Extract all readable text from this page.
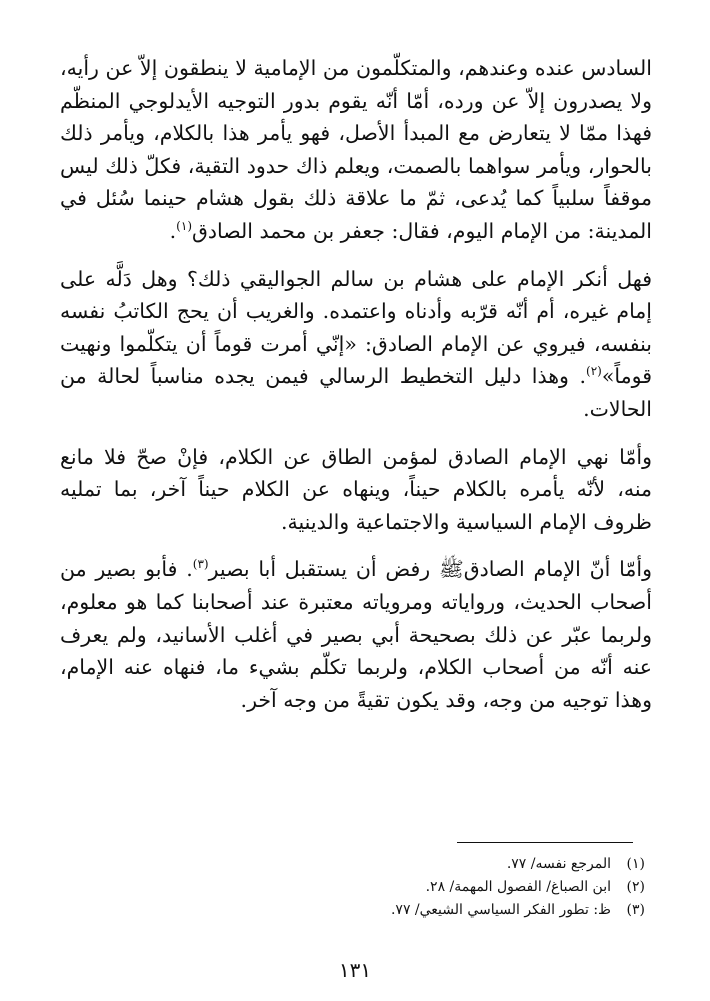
السادس عنده وعندهم، والمتكلّمون من الإمامية لا ينطقون إلاّ عن رأيه، ولا يصدرون إلاّ عن ورده، أمّا أنّه يقوم بدور التوجيه الأيدلوجي المنظّم فهذا ممّا لا يتعارض مع المبدأ الأصل، فهو يأمر هذا بالكلام، ويأمر ذلك بالحوار، ويأمر سواهما بالصمت، ويعلم ذاك حدود التقية، فكلّ ذلك ليس موقفاً سلبياً كما يُدعى، ثمّ ما علاقة ذلك بقول هشام حينما سُئل في المدينة: من الإمام اليوم، فقال: جعفر بن محمد الصادق$^{(١)}$.

فهل أنكر الإمام على هشام بن سالم الجواليقي ذلك؟ وهل دَلَّه على إمام غيره، أم أنّه قرّبه وأدناه واعتمده. والغريب أن يحج الكاتبُ نفسه بنفسه، فيروي عن الإمام الصادق: «إنّي أمرت قوماً أن يتكلّموا ونهيت قوماً»$^{(٢)}$. وهذا دليل التخطيط الرسالي فيمن يجده مناسباً لحالة من الحالات.

وأمّا نهي الإمام الصادق لمؤمن الطاق عن الكلام، فإنْ صحّ فلا مانع منه، لأنّه يأمره بالكلام حيناً، وينهاه عن الكلام حيناً آخر، بما تمليه ظروف الإمام السياسية والاجتماعية والدينية.

وأمّا أنّ الإمام الصادقﷺ رفض أن يستقبل أبا بصير$^{(٣)}$. فأبو بصير من أصحاب الحديث، ورواياته ومروياته معتبرة عند أصحابنا كما هو معلوم، ولربما عبّر عن ذلك بصحيحة أبي بصير في أغلب الأسانيد، ولم يعرف عنه أنّه من أصحاب الكلام، ولربما تكلّم بشيء ما، فنهاه عنه الإمام، وهذا توجيه من وجه، وقد يكون تقيةً من وجه آخر.

(١)المرجع نفسه/ ٧٧.
(٢)ابن الصباغ/ الفصول المهمة/ ٢٨.
(٣)ظ: تطور الفكر السياسي الشيعي/ ٧٧.
١٣١
